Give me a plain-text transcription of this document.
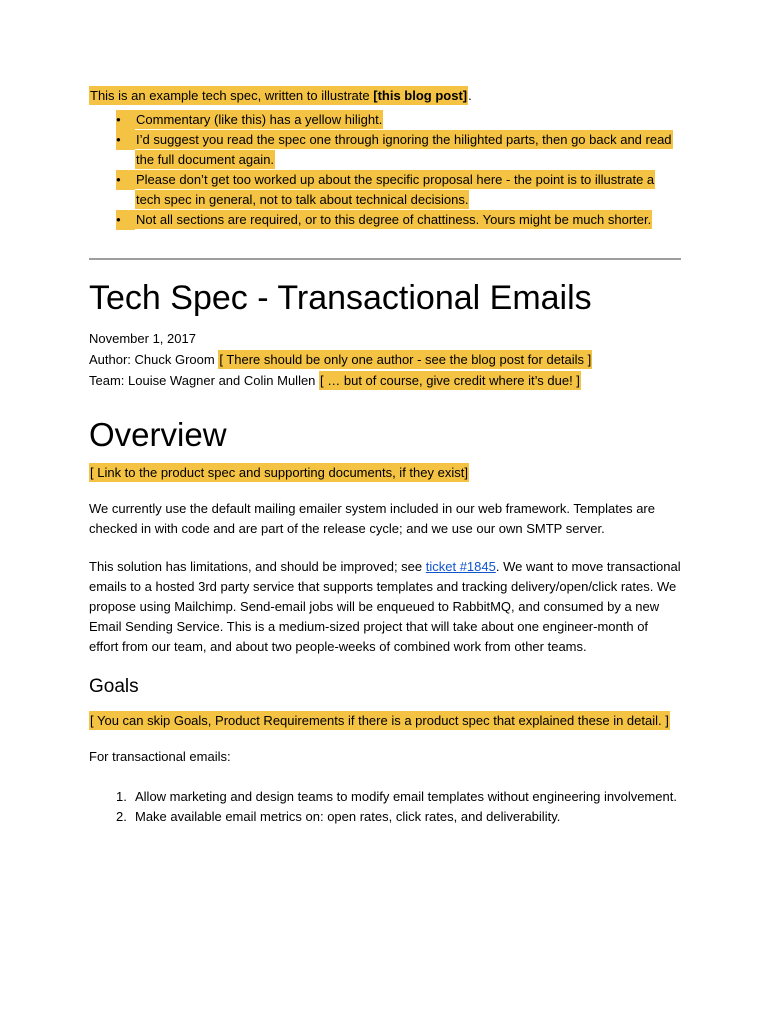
This is an example tech spec, written to illustrate [this blog post].

●	Commentary (like this) has a yellow hilight.
●	I’d suggest you read the spec one through ignoring the hilighted parts, then go back and read the full document again.
●	Please don’t get too worked up about the specific proposal here - the point is to illustrate a tech spec in general, not to talk about technical decisions.
●	Not all sections are required, or to this degree of chattiness. Yours might be much shorter.
Tech Spec - Transactional Emails

November 1, 2017

Author: Chuck Groom [ There should be only one author - see the blog post for details ]

Team: Louise Wagner and Colin Mullen [ … but of course, give credit where it’s due! ]

Overview

[ Link to the product spec and supporting documents, if they exist]

We currently use the default mailing emailer system included in our web framework. Templates are checked in with code and are part of the release cycle; and we use our own SMTP server.

This solution has limitations, and should be improved; see ticket #1845. We want to move transactional emails to a hosted 3rd party service that supports templates and tracking delivery/open/click rates. We propose using Mailchimp. Send-email jobs will be enqueued to RabbitMQ, and consumed by a new Email Sending Service. This is a medium-sized project that will take about one engineer-month of effort from our team, and about two people-weeks of combined work from other teams.

Goals

[ You can skip Goals, Product Requirements if there is a product spec that explained these in detail. ]

For transactional emails:

1. Allow marketing and design teams to modify email templates without engineering involvement.
2. Make available email metrics on: open rates, click rates, and deliverability.
